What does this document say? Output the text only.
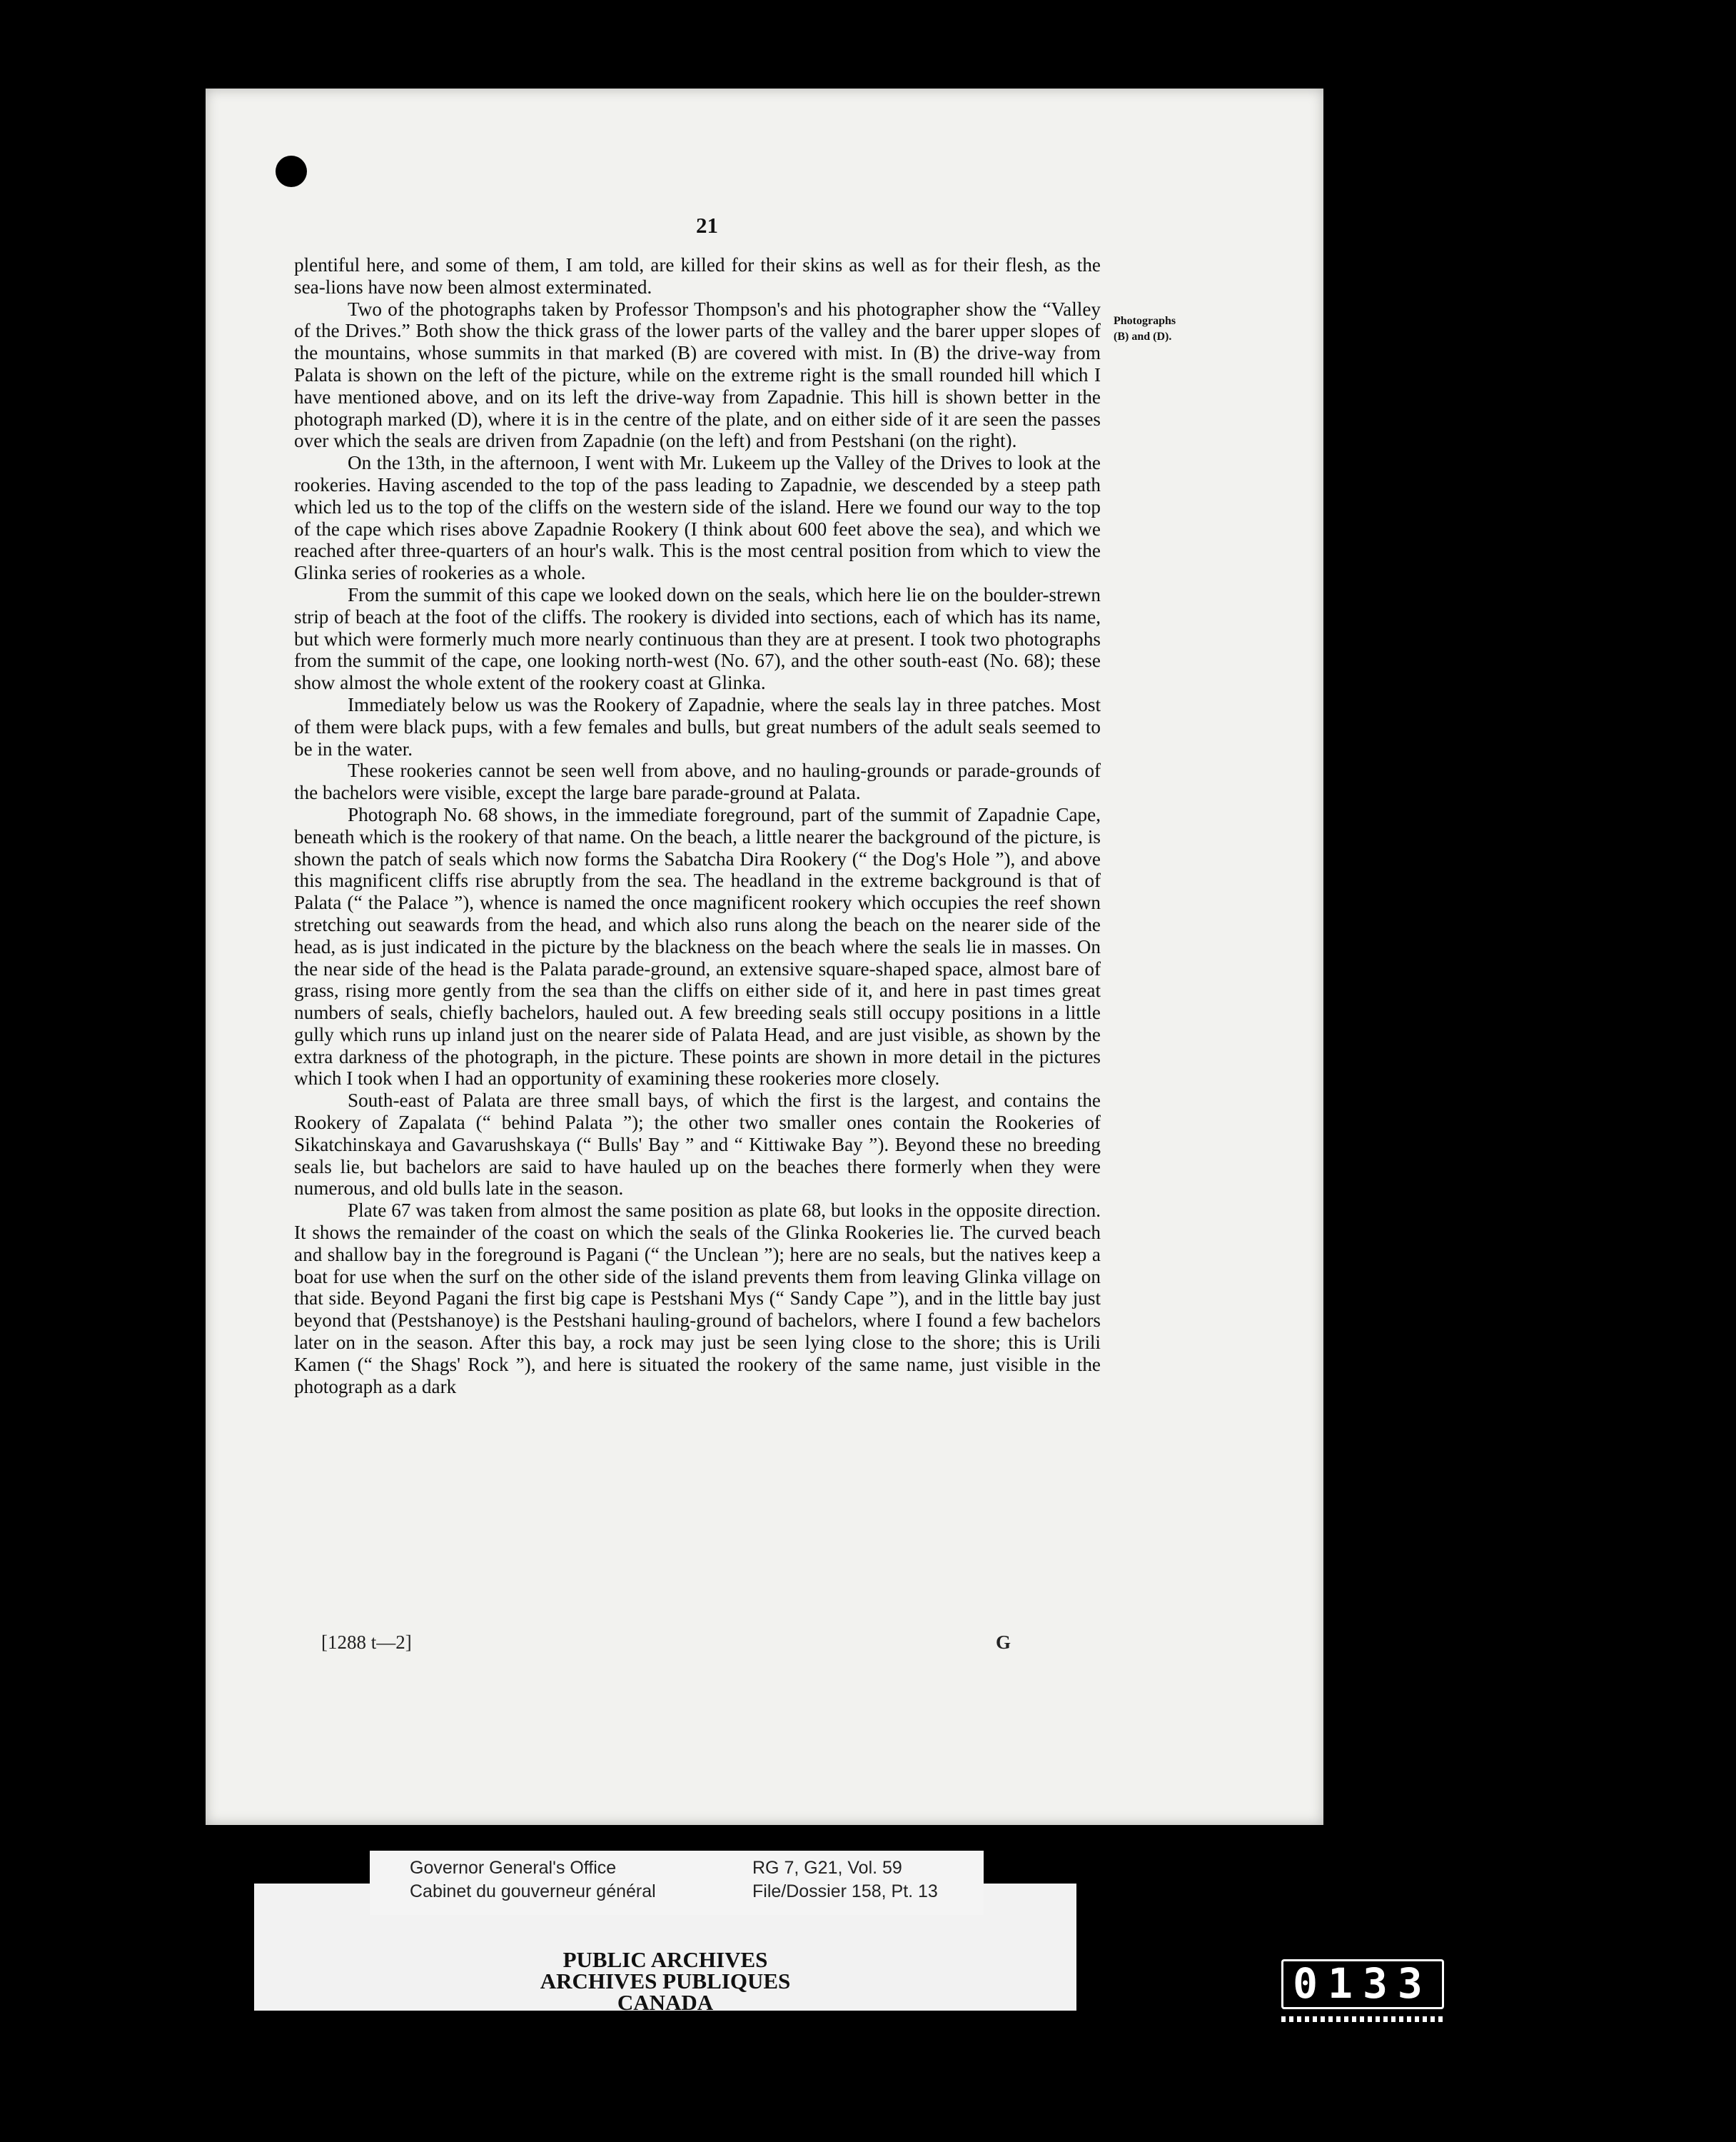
21
Photographs
(B) and (D).

plentiful here, and some of them, I am told, are killed for their skins as well as for their flesh, as the sea-lions have now been almost exterminated.

Two of the photographs taken by Professor Thompson's and his photographer show the “Valley of the Drives.” Both show the thick grass of the lower parts of the valley and the barer upper slopes of the mountains, whose summits in that marked (B) are covered with mist. In (B) the drive-way from Palata is shown on the left of the picture, while on the extreme right is the small rounded hill which I have mentioned above, and on its left the drive-way from Zapadnie. This hill is shown better in the photograph marked (D), where it is in the centre of the plate, and on either side of it are seen the passes over which the seals are driven from Zapadnie (on the left) and from Pestshani (on the right).

On the 13th, in the afternoon, I went with Mr. Lukeem up the Valley of the Drives to look at the rookeries. Having ascended to the top of the pass leading to Zapadnie, we descended by a steep path which led us to the top of the cliffs on the western side of the island. Here we found our way to the top of the cape which rises above Zapadnie Rookery (I think about 600 feet above the sea), and which we reached after three-quarters of an hour's walk. This is the most central position from which to view the Glinka series of rookeries as a whole.

From the summit of this cape we looked down on the seals, which here lie on the boulder-strewn strip of beach at the foot of the cliffs. The rookery is divided into sections, each of which has its name, but which were formerly much more nearly continuous than they are at present. I took two photographs from the summit of the cape, one looking north-west (No. 67), and the other south-east (No. 68); these show almost the whole extent of the rookery coast at Glinka.

Immediately below us was the Rookery of Zapadnie, where the seals lay in three patches. Most of them were black pups, with a few females and bulls, but great numbers of the adult seals seemed to be in the water.

These rookeries cannot be seen well from above, and no hauling-grounds or parade-grounds of the bachelors were visible, except the large bare parade-ground at Palata.

Photograph No. 68 shows, in the immediate foreground, part of the summit of Zapadnie Cape, beneath which is the rookery of that name. On the beach, a little nearer the background of the picture, is shown the patch of seals which now forms the Sabatcha Dira Rookery (“ the Dog's Hole ”), and above this magnificent cliffs rise abruptly from the sea. The headland in the extreme background is that of Palata (“ the Palace ”), whence is named the once magnificent rookery which occupies the reef shown stretching out seawards from the head, and which also runs along the beach on the nearer side of the head, as is just indicated in the picture by the blackness on the beach where the seals lie in masses. On the near side of the head is the Palata parade-ground, an extensive square-shaped space, almost bare of grass, rising more gently from the sea than the cliffs on either side of it, and here in past times great numbers of seals, chiefly bachelors, hauled out. A few breeding seals still occupy positions in a little gully which runs up inland just on the nearer side of Palata Head, and are just visible, as shown by the extra darkness of the photograph, in the picture. These points are shown in more detail in the pictures which I took when I had an opportunity of examining these rookeries more closely.

South-east of Palata are three small bays, of which the first is the largest, and contains the Rookery of Zapalata (“ behind Palata ”); the other two smaller ones contain the Rookeries of Sikatchinskaya and Gavarushskaya (“ Bulls' Bay ” and “ Kittiwake Bay ”). Beyond these no breeding seals lie, but bachelors are said to have hauled up on the beaches there formerly when they were numerous, and old bulls late in the season.

Plate 67 was taken from almost the same position as plate 68, but looks in the opposite direction. It shows the remainder of the coast on which the seals of the Glinka Rookeries lie. The curved beach and shallow bay in the foreground is Pagani (“ the Unclean ”); here are no seals, but the natives keep a boat for use when the surf on the other side of the island prevents them from leaving Glinka village on that side. Beyond Pagani the first big cape is Pestshani Mys (“ Sandy Cape ”), and in the little bay just beyond that (Pestshanoye) is the Pestshani hauling-ground of bachelors, where I found a few bachelors later on in the season. After this bay, a rock may just be seen lying close to the shore; this is Urili Kamen (“ the Shags' Rock ”), and here is situated the rookery of the same name, just visible in the photograph as a dark

[1288 t—2]	G
PUBLIC ARCHIVES
ARCHIVES PUBLIQUES
CANADA
Governor General's Office
Cabinet du gouverneur général
RG 7, G21, Vol. 59
File/Dossier 158, Pt. 13
0133
